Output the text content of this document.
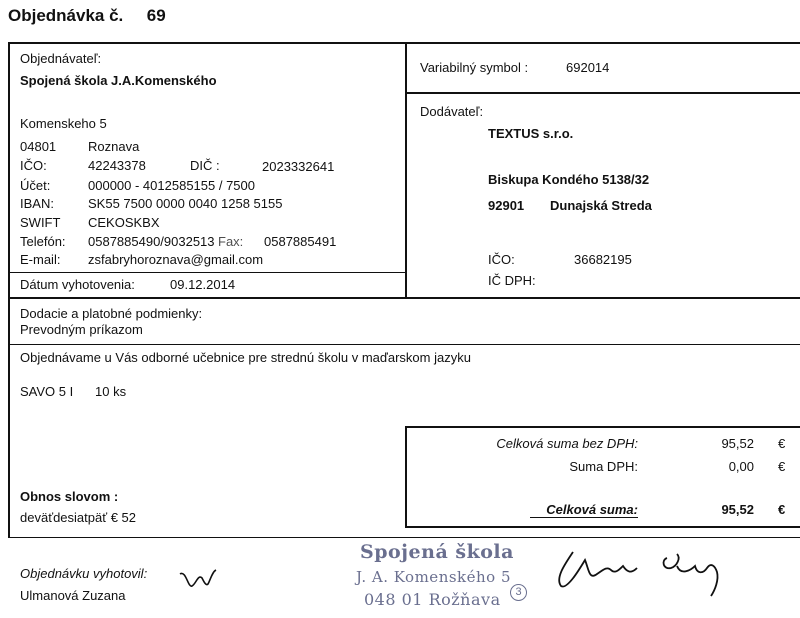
Objednávka č. 69
Objednávateľ:
Spojená škola J.A.Komenského
Komenskeho 5
04801 Roznava
IČO:	42243378	DIČ :	2023332641
Účet:	000000 - 4012585155 / 7500
IBAN:	SK55 7500 0000 0040 1258 5155
SWIFT CEKOSKBX
Telefón: 0587885490/9032513 Fax: 0587885491
E-mail: zsfabryhoroznava@gmail.com
Dátum vyhotovenia:	09.12.2014
Variabilný symbol :	692014
Dodávateľ:
TEXTUS s.r.o.
Biskupa Kondého 5138/32
92901 Dunajská Streda
IČO:	36682195
IČ DPH:
Dodacie a platobné podmienky:
Prevodným príkazom
Objednávame u Vás odborné učebnice pre strednú školu v maďarskom jazyku
SAVO 5 I 10 ks
Celková suma bez DPH:	95,52 €
Suma DPH:	0,00 €
Celková suma:	95,52 €
Obnos slovom :
deväťdesiatpäť € 52
Objednávku vyhotovil:
Ulmanová Zuzana
Spojená škola
J. A. Komenského 5
048 01 Rožňava	3
